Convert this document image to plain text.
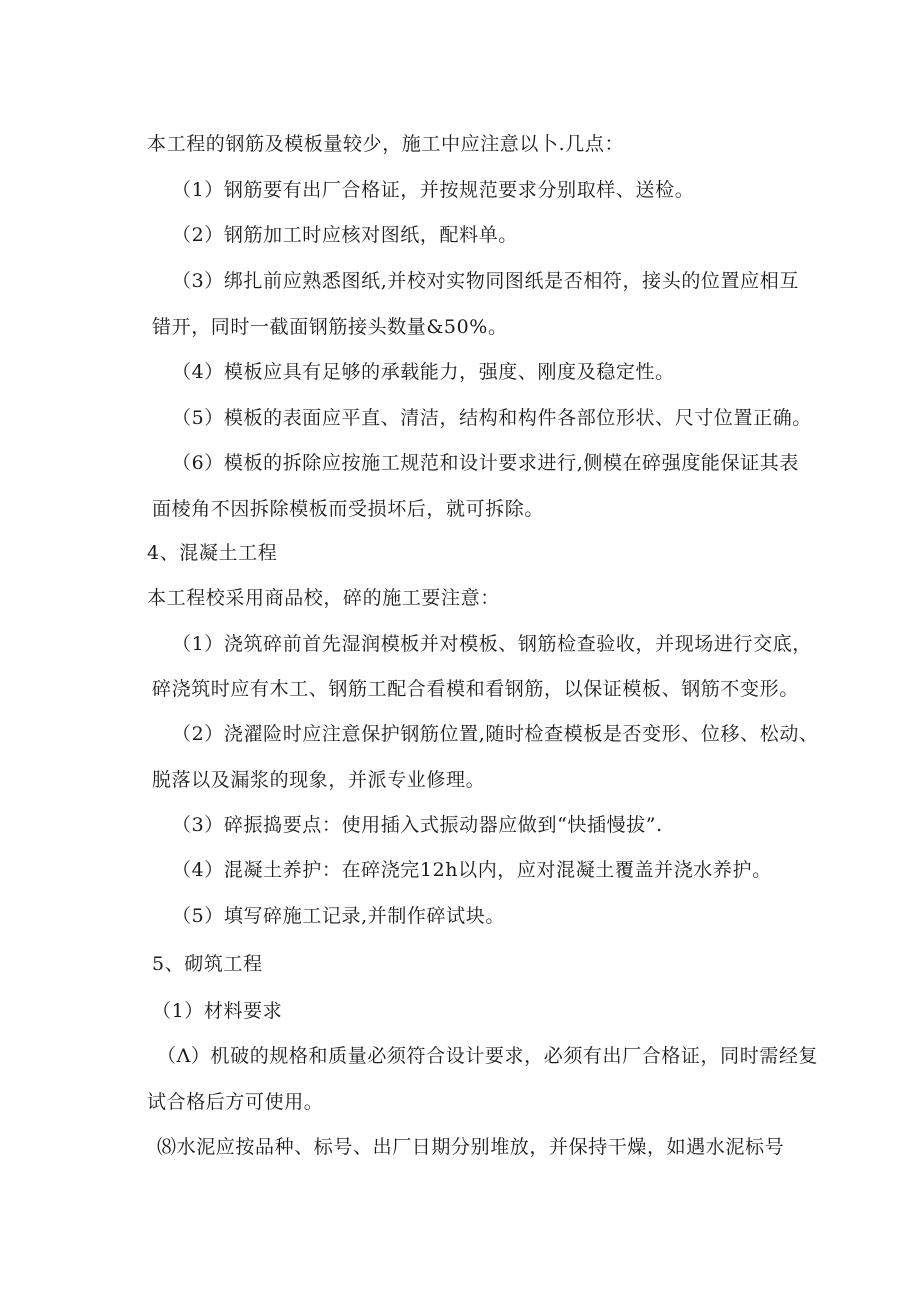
本工程的钢筋及模板量较少，施工中应注意以卜.几点：
（1）钢筋要有出厂合格证，并按规范要求分别取样、送检。
（2）钢筋加工时应核对图纸，配料单。
（3）绑扎前应熟悉图纸,并校对实物同图纸是否相符，接头的位置应相互
错开，同时一截面钢筋接头数量&50%。
（4）模板应具有足够的承载能力，强度、刚度及稳定性。
（5）模板的表面应平直、清洁，结构和构件各部位形状、尺寸位置正确。
（6）模板的拆除应按施工规范和设计要求进行,侧模在碎强度能保证其表
面棱角不因拆除模板而受损坏后，就可拆除。
4、混凝土工程
本工程校采用商品校，碎的施工要注意：
（1）浇筑碎前首先湿润模板并对模板、钢筋检查验收，并现场进行交底，
碎浇筑时应有木工、钢筋工配合看模和看钢筋，以保证模板、钢筋不变形。
（2）浇濯险时应注意保护钢筋位置,随时检查模板是否变形、位移、松动、
脱落以及漏浆的现象，并派专业修理。
（3）碎振捣要点：使用插入式振动器应做到“快插慢拔”.
（4）混凝土养护：在碎浇完12h以内，应对混凝土覆盖并浇水养护。
（5）填写碎施工记录,并制作碎试块。
5、砌筑工程
（1）材料要求
（Λ）机破的规格和质量必须符合设计要求，必须有出厂合格证，同时需经复
试合格后方可使用。
⑻水泥应按品种、标号、出厂日期分别堆放，并保持干燥，如遇水泥标号
